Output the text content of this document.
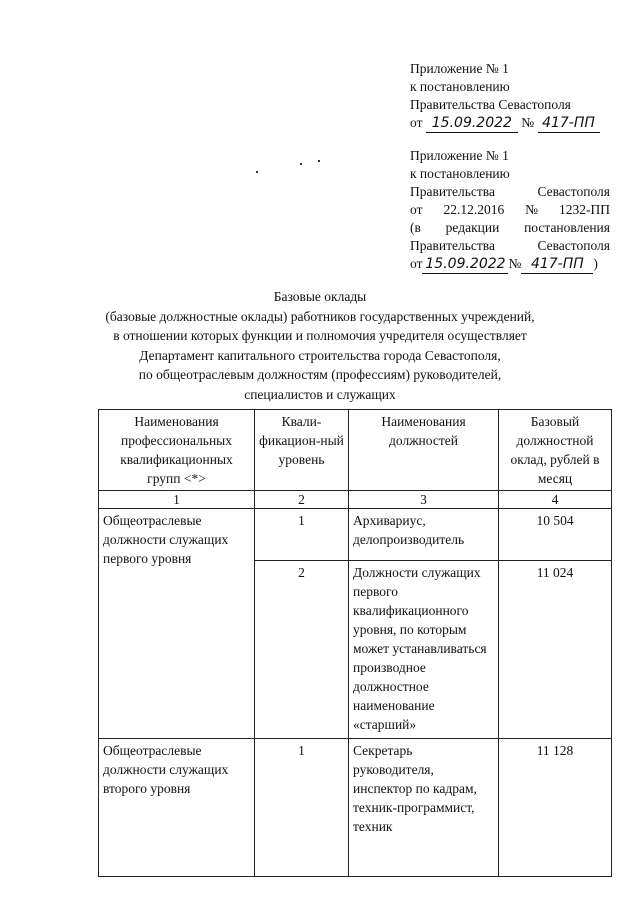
Приложение № 1
к постановлению
Правительства Севастополя
от 15.09.2022 № 417-ПП
Приложение № 1
к постановлению
Правительства	Севастополя
от 22.12.2016 № 1232-ПП
(в редакции постановления
Правительства	Севастополя
от 15.09.2022 № 417-ПП )
Базовые оклады
(базовые должностные оклады) работников государственных учреждений,
в отношении которых функции и полномочия учредителя осуществляет
Департамент капитального строительства города Севастополя,
по общеотраслевым должностям (профессиям) руководителей,
специалистов и служащих
Наименования профессиональных квалификационных групп <*>	Квали-фикацион-ный уровень	Наименования должностей	Базовый должностной оклад, рублей в месяц
1	2	3	4
Общеотраслевые должности служащих первого уровня	1	Архивариус, делопроизводитель	10 504
	2	Должности служащих первого квалификационного уровня, по которым может устанавливаться производное должностное наименование «старший»	11 024
Общеотраслевые должности служащих второго уровня	1	Секретарь руководителя, инспектор по кадрам, техник-программист, техник	11 128
